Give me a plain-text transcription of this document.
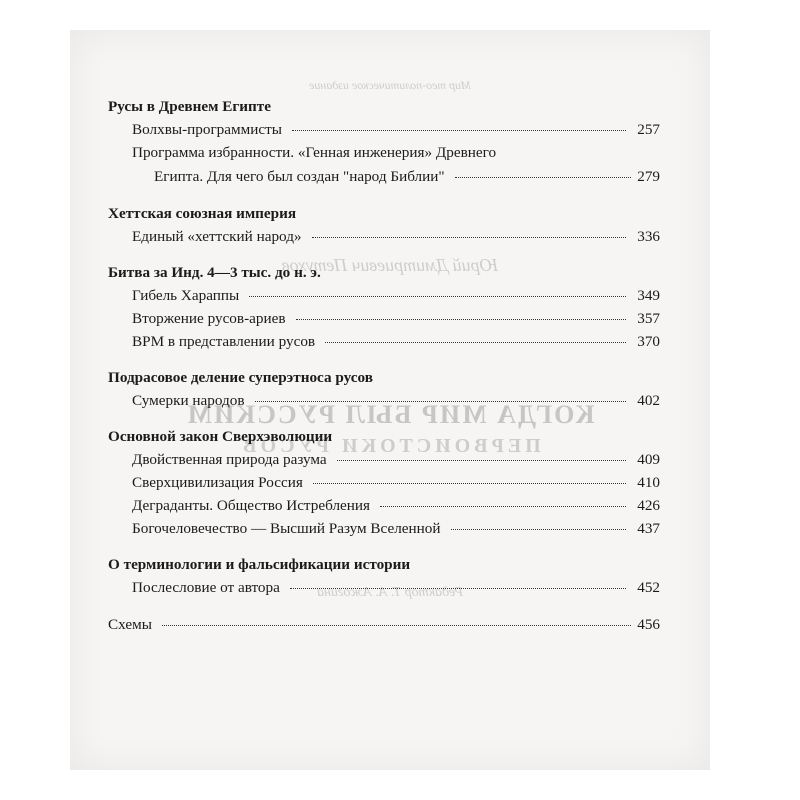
Мир тео-политическое издание
Юрий Дмитриевич Петухов
КОГДА МИР БЫЛ РУССКИМ
ПЕРВОИСТОКИ РУСОВ
Редактор Т. А. Ажогина
Русы в Древнем Египте
Волхвы-программисты	257
Программа избранности. «Генная инженерия» Древнего
Египта. Для чего был создан "народ Библии"	279
Хеттская союзная империя
Единый «хеттский народ»	336
Битва за Инд. 4—3 тыс. до н. э.
Гибель Хараппы	349
Вторжение русов-ариев	357
ВРМ в представлении русов	370
Подрасовое деление суперэтноса русов
Сумерки народов	402
Основной закон Сверхэволюции
Двойственная природа разума	409
Сверхцивилизация Россия	410
Деграданты. Общество Истребления	426
Богочеловечество — Высший Разум Вселенной	437
О терминологии и фальсификации истории
Послесловие от автора	452
Схемы	456
